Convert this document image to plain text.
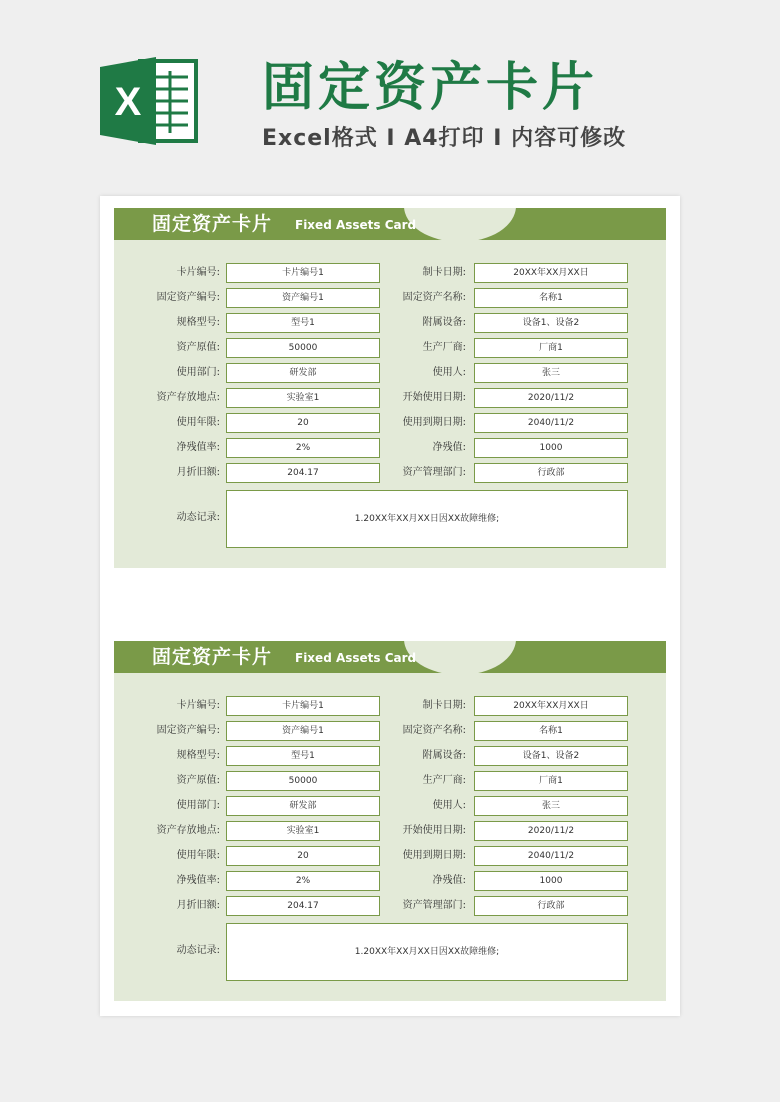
X 固定资产卡片
Excel格式 I A4打印 I 内容可修改
固定资产卡片 Fixed Assets Card
卡片编号:	卡片编号1	制卡日期:	20XX年XX月XX日
固定资产编号:	资产编号1	固定资产名称:	名称1
规格型号:	型号1	附属设备:	设备1、设备2
资产原值:	50000	生产厂商:	厂商1
使用部门:	研发部	使用人:	张三
资产存放地点:	实验室1	开始使用日期:	2020/11/2
使用年限:	20	使用到期日期:	2040/11/2
净残值率:	2%	净残值:	1000
月折旧额:	204.17	资产管理部门:	行政部
动态记录:	1.20XX年XX月XX日因XX故障维修;
固定资产卡片 Fixed Assets Card
卡片编号:	卡片编号1	制卡日期:	20XX年XX月XX日
固定资产编号:	资产编号1	固定资产名称:	名称1
规格型号:	型号1	附属设备:	设备1、设备2
资产原值:	50000	生产厂商:	厂商1
使用部门:	研发部	使用人:	张三
资产存放地点:	实验室1	开始使用日期:	2020/11/2
使用年限:	20	使用到期日期:	2040/11/2
净残值率:	2%	净残值:	1000
月折旧额:	204.17	资产管理部门:	行政部
动态记录:	1.20XX年XX月XX日因XX故障维修;
